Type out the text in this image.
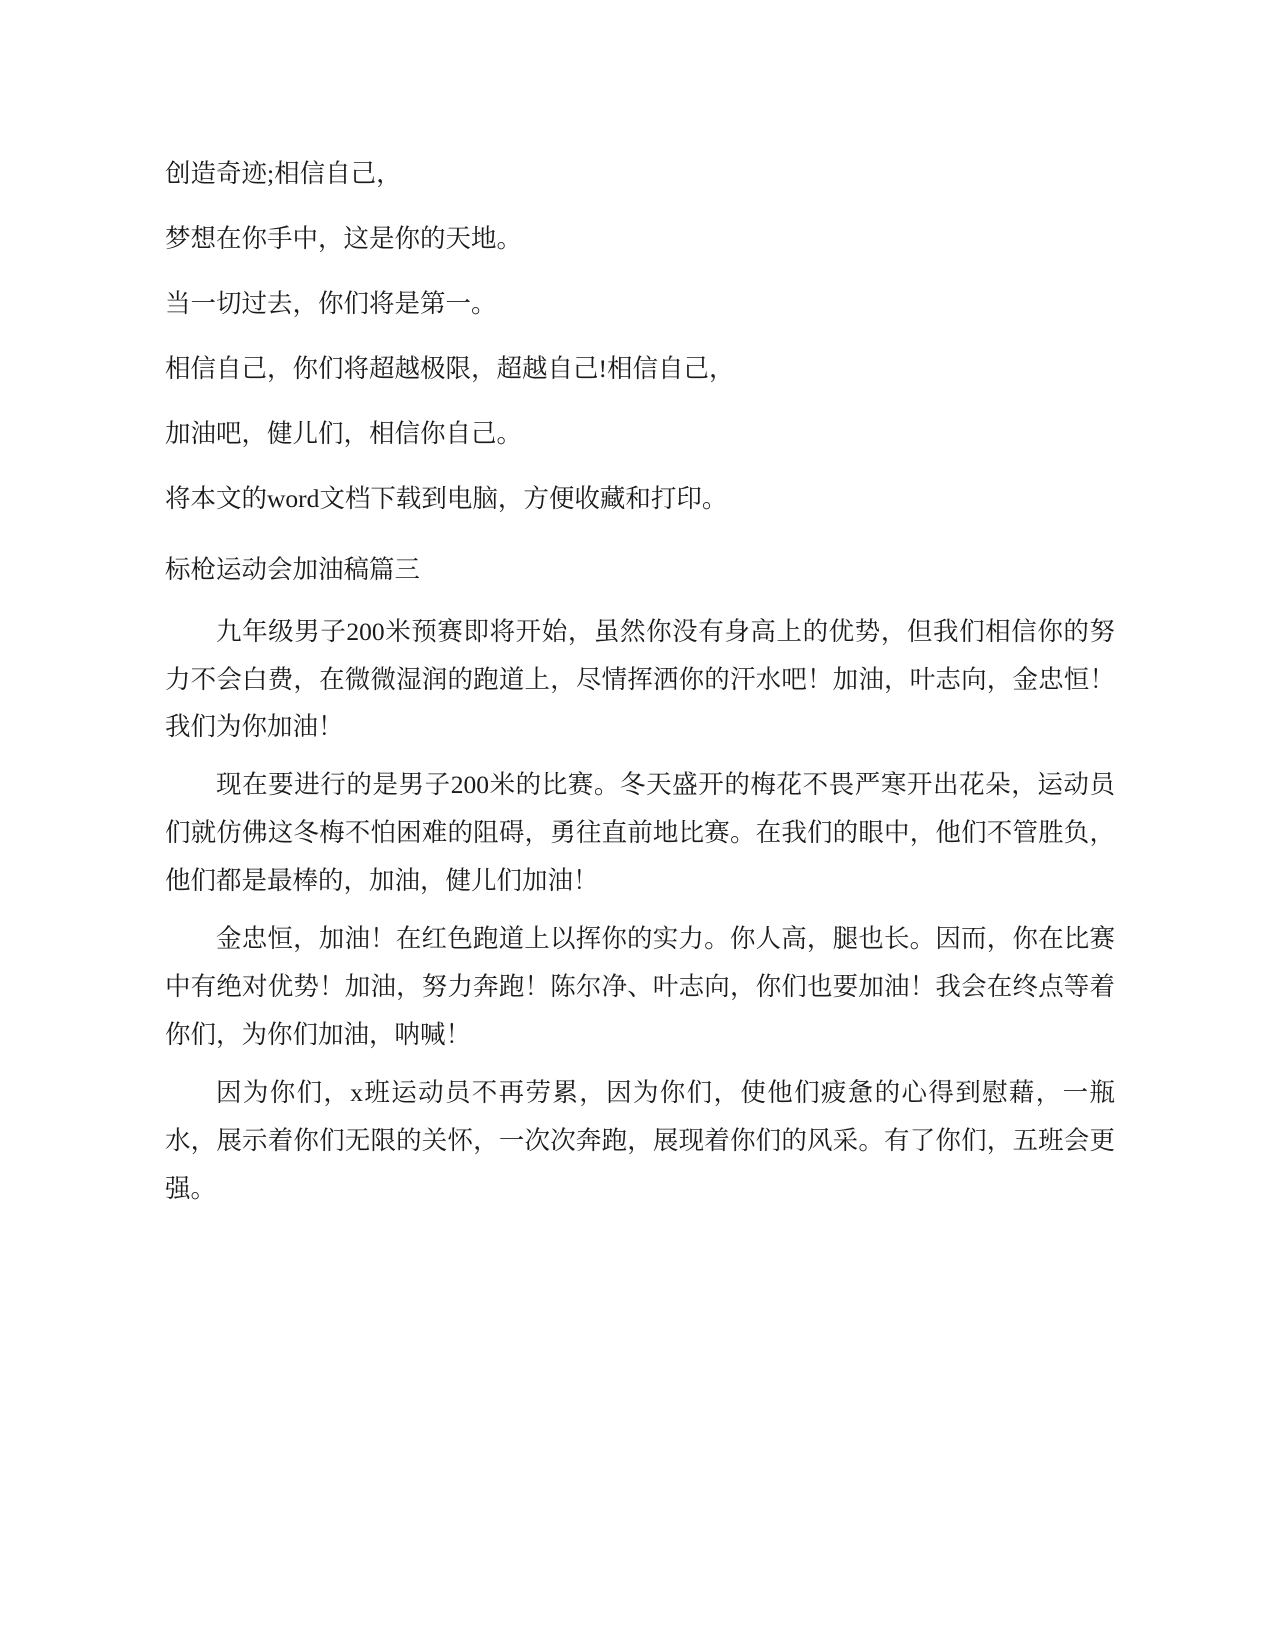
创造奇迹;相信自己，

梦想在你手中，这是你的天地。

当一切过去，你们将是第一。

相信自己，你们将超越极限，超越自己!相信自己，

加油吧，健儿们，相信你自己。

将本文的word文档下载到电脑，方便收藏和打印。

标枪运动会加油稿篇三

九年级男子200米预赛即将开始，虽然你没有身高上的优势，但我们相信你的努力不会白费，在微微湿润的跑道上，尽情挥洒你的汗水吧！加油，叶志向，金忠恒！我们为你加油！

现在要进行的是男子200米的比赛。冬天盛开的梅花不畏严寒开出花朵，运动员们就仿佛这冬梅不怕困难的阻碍，勇往直前地比赛。在我们的眼中，他们不管胜负，他们都是最棒的，加油，健儿们加油！

金忠恒，加油！在红色跑道上以挥你的实力。你人高，腿也长。因而，你在比赛中有绝对优势！加油，努力奔跑！陈尔净、叶志向，你们也要加油！我会在终点等着你们，为你们加油，呐喊！

因为你们，x班运动员不再劳累，因为你们，使他们疲惫的心得到慰藉，一瓶水，展示着你们无限的关怀，一次次奔跑，展现着你们的风采。有了你们，五班会更强。
